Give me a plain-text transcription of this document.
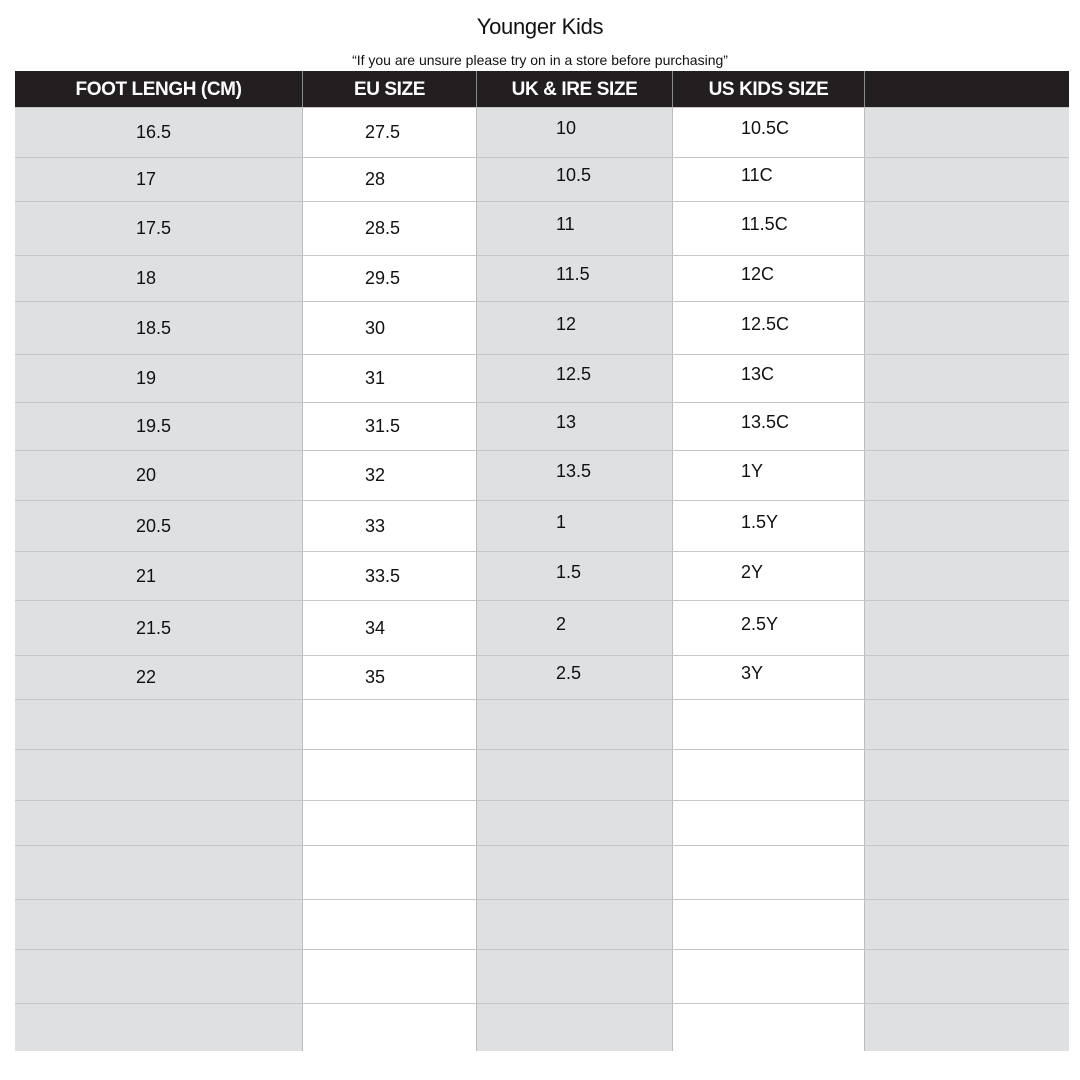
Younger Kids
“If you are unsure please try on in a store before purchasing”
FOOT LENGH (CM)	EU SIZE	UK & IRE SIZE	US KIDS SIZE
16.5	27.5	10	10.5C
17	28	10.5	11C
17.5	28.5	11	11.5C
18	29.5	11.5	12C
18.5	30	12	12.5C
19	31	12.5	13C
19.5	31.5	13	13.5C
20	32	13.5	1Y
20.5	33	1	1.5Y
21	33.5	1.5	2Y
21.5	34	2	2.5Y
22	35	2.5	3Y
